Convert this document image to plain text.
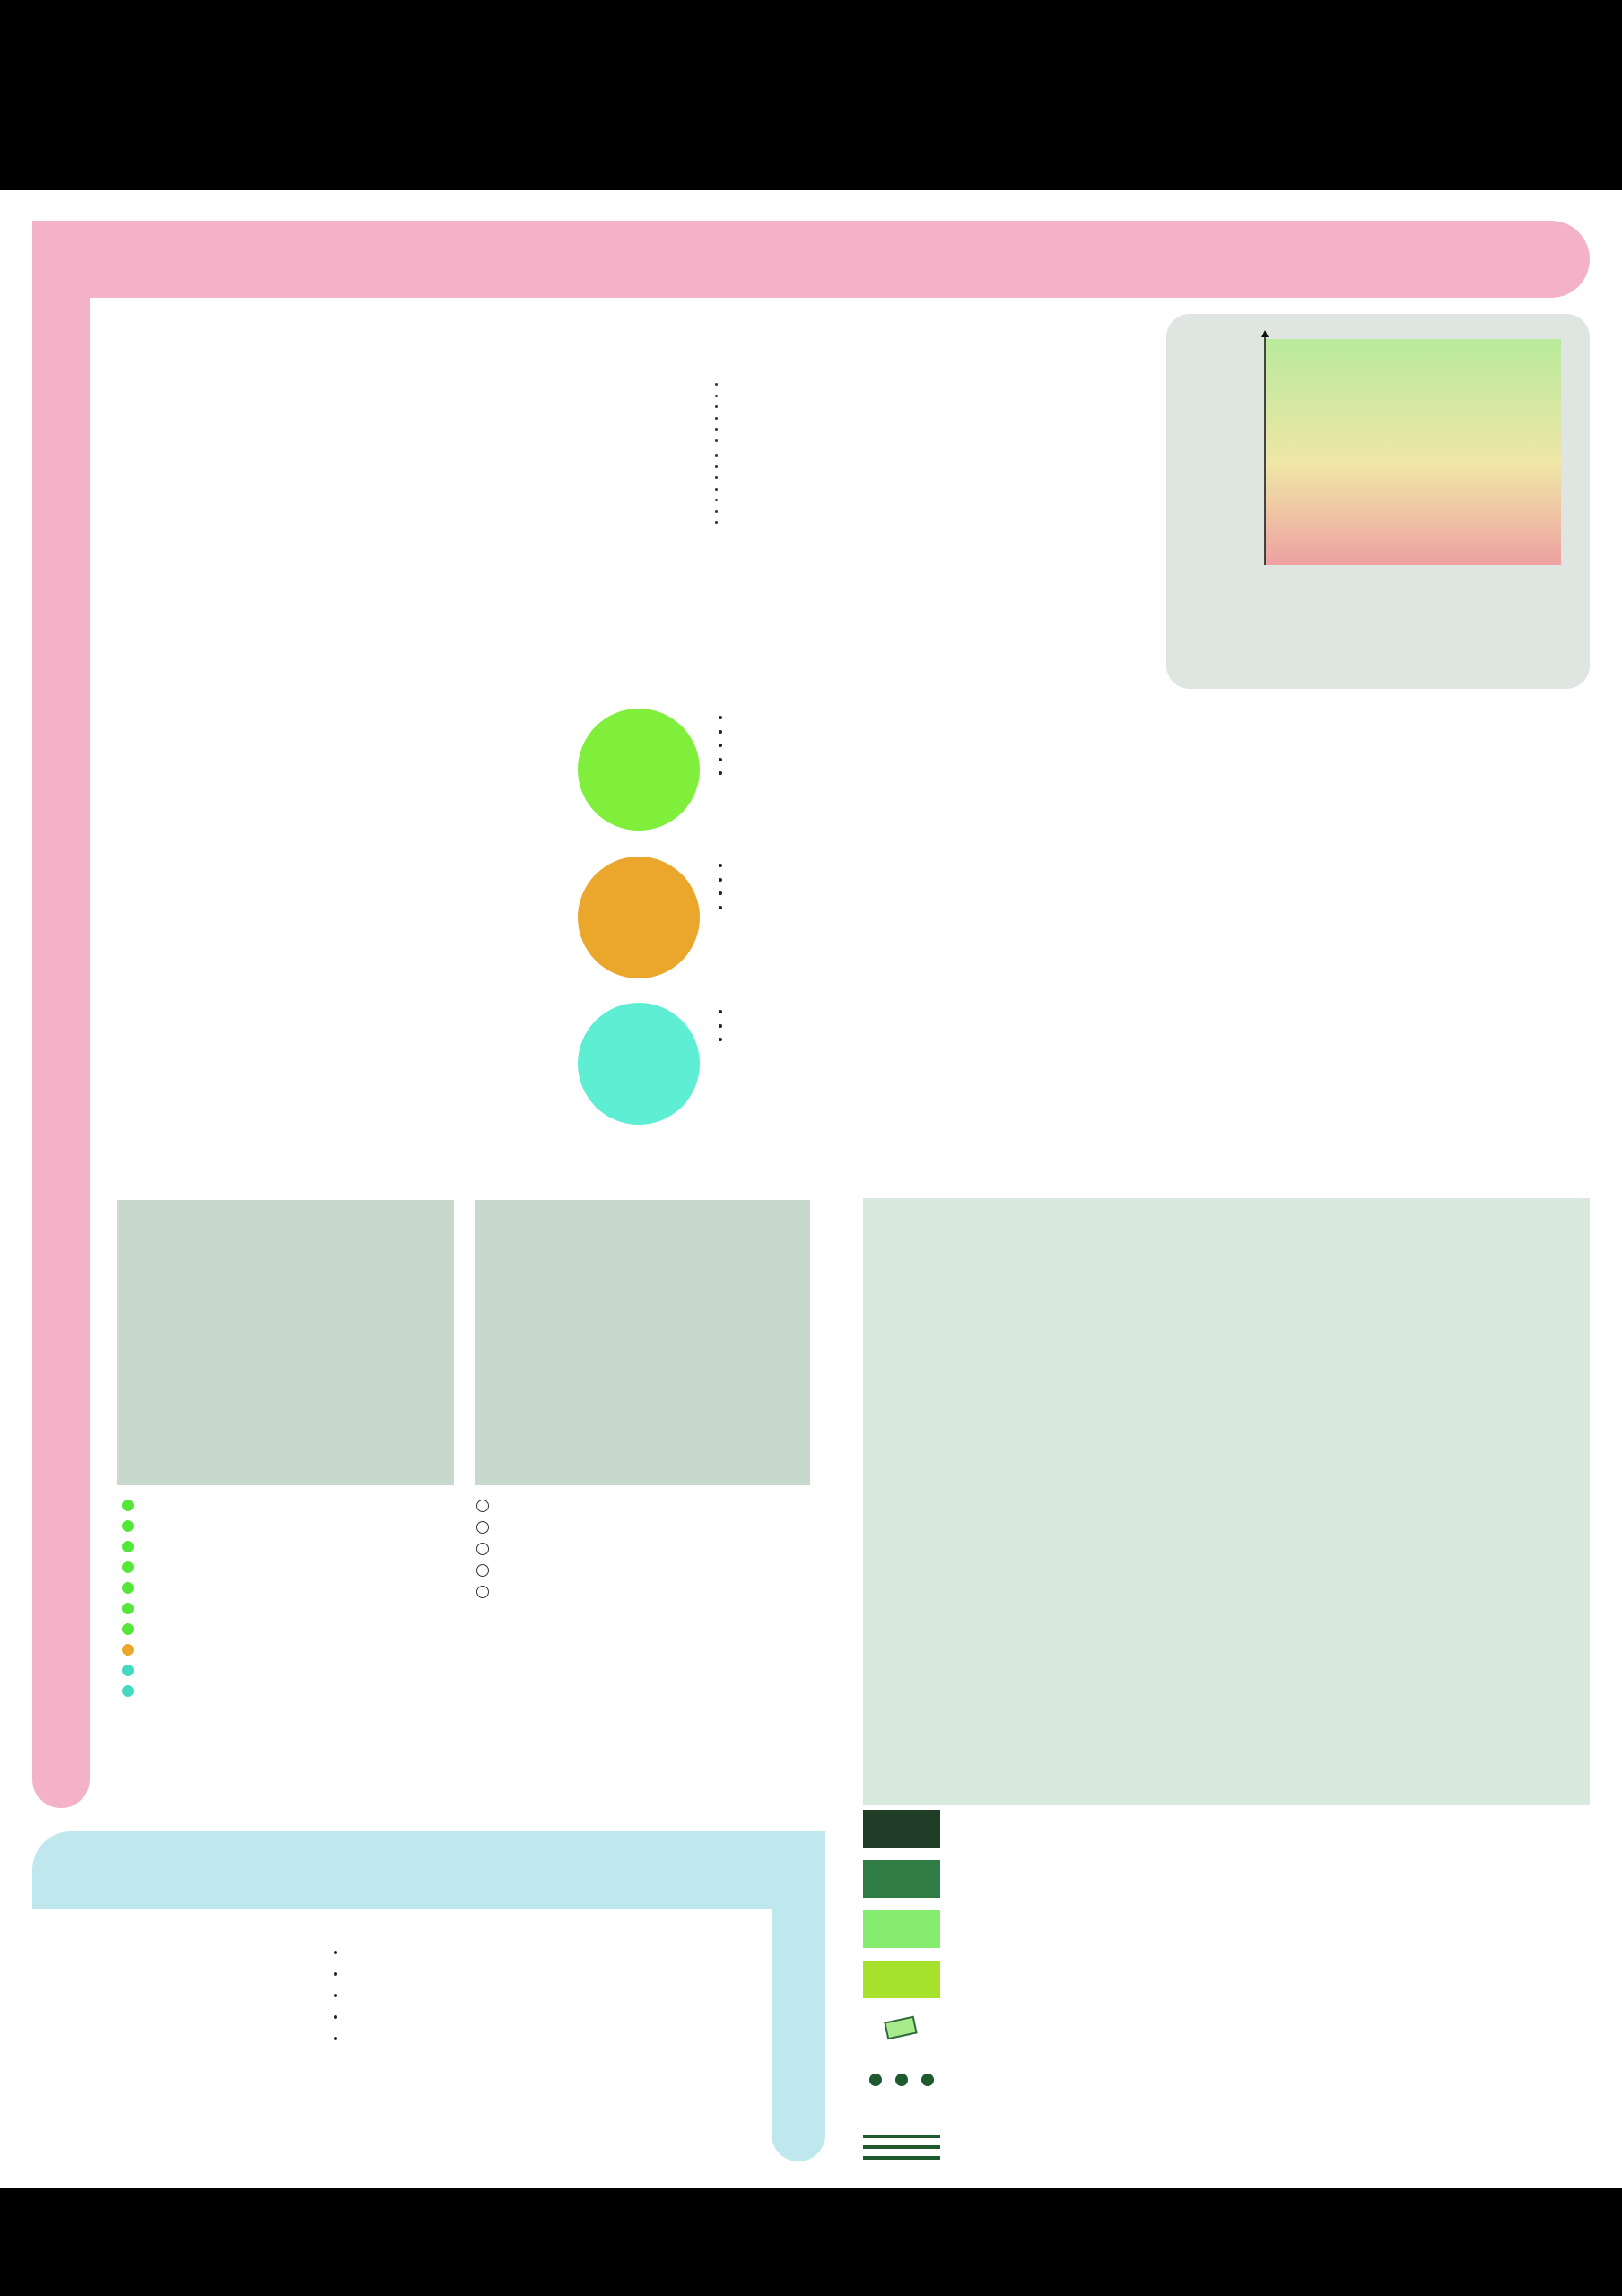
•
•
•
•
•
•
•
•
•
•
•
•
•

•
•
•
•
•

•
•
•
•

•
•
•

•
•
•
•
•
